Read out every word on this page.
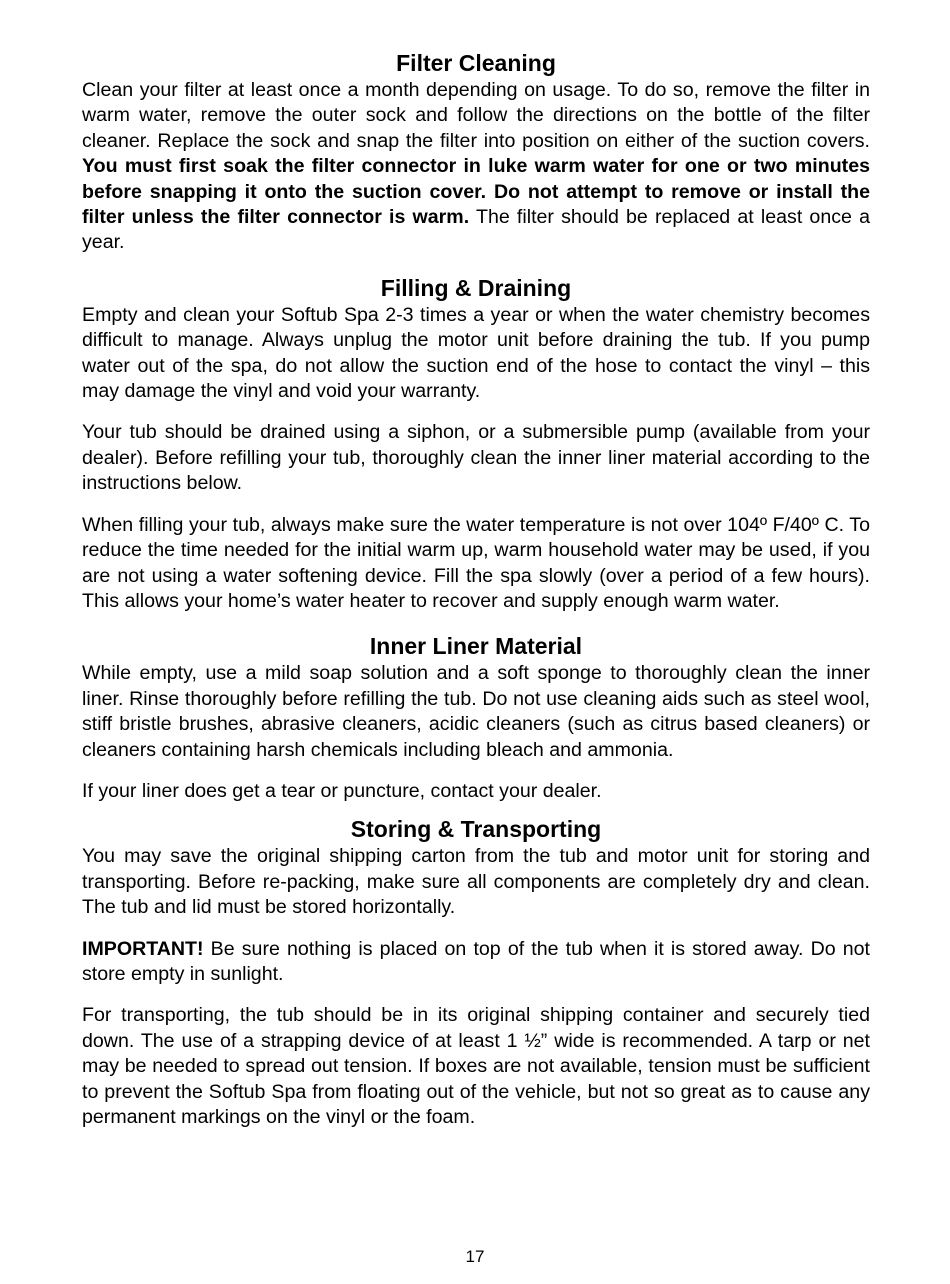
Filter Cleaning

Clean your filter at least once a month depending on usage. To do so, remove the filter in warm water, remove the outer sock and follow the directions on the bottle of the filter cleaner. Replace the sock and snap the filter into position on either of the suction covers. You must first soak the filter connector in luke warm water for one or two minutes before snapping it onto the suction cover. Do not attempt to remove or install the filter unless the filter connector is warm. The filter should be replaced at least once a year.

Filling & Draining

Empty and clean your Softub Spa 2-3 times a year or when the water chemistry becomes difficult to manage. Always unplug the motor unit before draining the tub. If you pump water out of the spa, do not allow the suction end of the hose to contact the vinyl – this may damage the vinyl and void your warranty.

Your tub should be drained using a siphon, or a submersible pump (available from your dealer). Before refilling your tub, thoroughly clean the inner liner material according to the instructions below.

When filling your tub, always make sure the water temperature is not over 104º F/40º C. To reduce the time needed for the initial warm up, warm household water may be used, if you are not using a water softening device. Fill the spa slowly (over a period of a few hours). This allows your home’s water heater to recover and supply enough warm water.

Inner Liner Material

While empty, use a mild soap solution and a soft sponge to thoroughly clean the inner liner. Rinse thoroughly before refilling the tub. Do not use cleaning aids such as steel wool, stiff bristle brushes, abrasive cleaners, acidic cleaners (such as citrus based cleaners) or cleaners containing harsh chemicals including bleach and ammonia.

If your liner does get a tear or puncture, contact your dealer.

Storing & Transporting

You may save the original shipping carton from the tub and motor unit for storing and transporting. Before re-packing, make sure all components are completely dry and clean. The tub and lid must be stored horizontally.

IMPORTANT! Be sure nothing is placed on top of the tub when it is stored away. Do not store empty in sunlight.

For transporting, the tub should be in its original shipping container and securely tied down. The use of a strapping device of at least 1 ½” wide is recommended. A tarp or net may be needed to spread out tension. If boxes are not available, tension must be sufficient to prevent the Softub Spa from floating out of the vehicle, but not so great as to cause any permanent markings on the vinyl or the foam.

17
